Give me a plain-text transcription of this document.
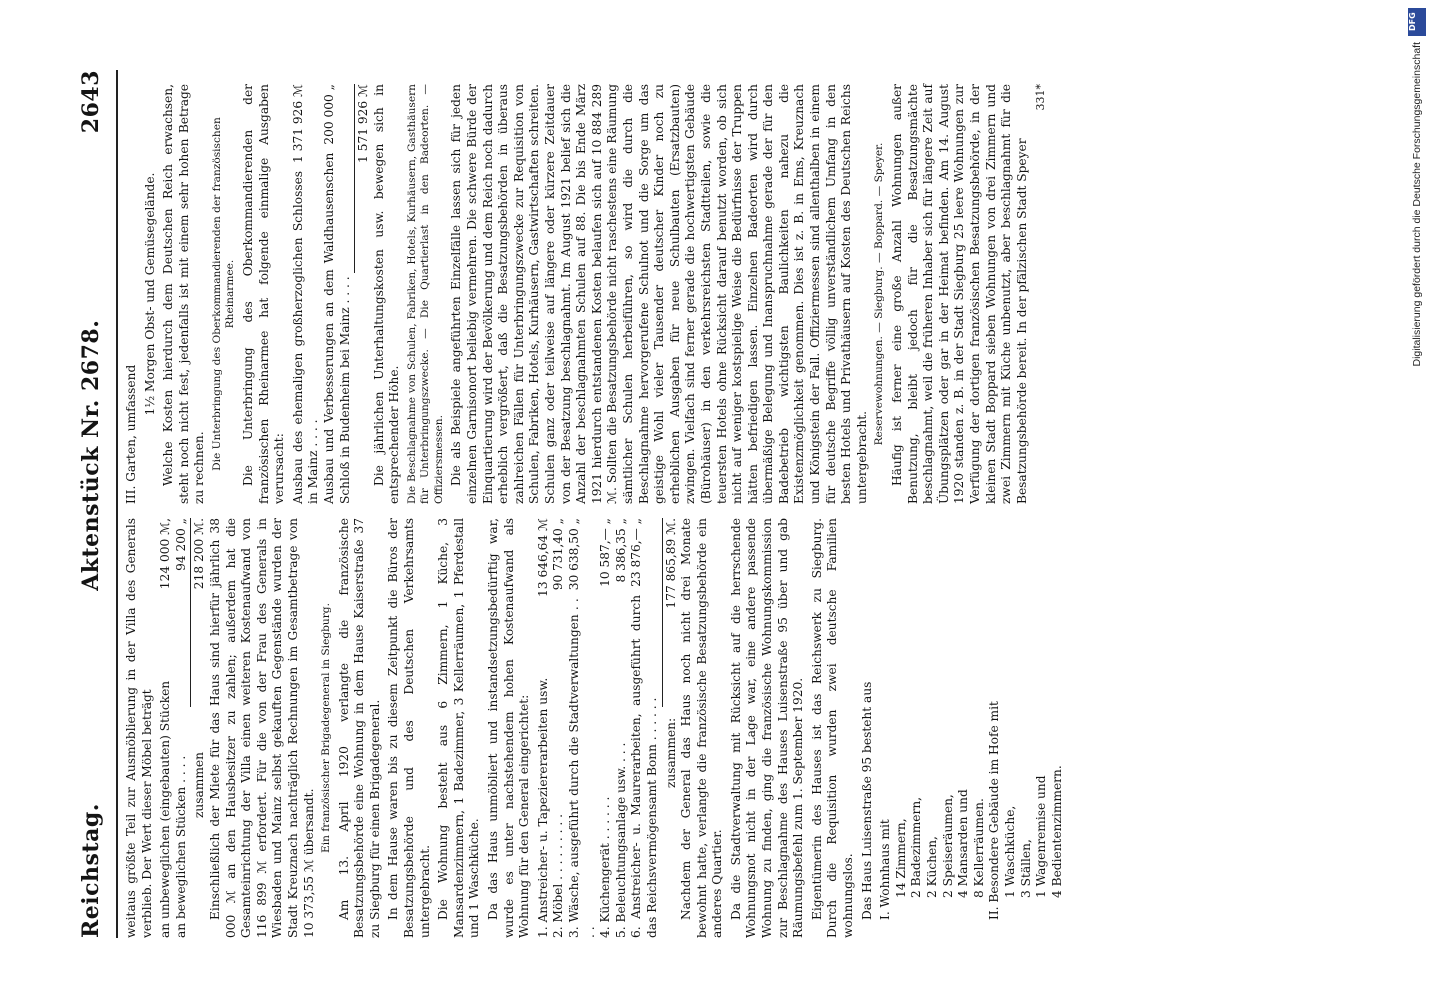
Reichstag.
Aktenstück Nr. 2678.
2643

weitaus größte Teil zur Ausmöblierung in der Villa des Generals verblieb. Der Wert dieser Möbel beträgt an unbeweglichen (eingebauten) Stücken
124 000 ℳ,
an beweglichen Stücken . . . .
94 200 „
zusammen
218 200 ℳ. Einschließlich der Miete für das Haus sind hierfür jährlich 38 000 ℳ an den Hausbesitzer zu zahlen; außerdem hat die Gesamteinrichtung der Villa einen weiteren Kostenaufwand von 116 899 ℳ erfordert. Für die von der Frau des Generals in Wiesbaden und Mainz selbst gekauften Gegenstände wurden der Stadt Kreuznach nachträglich Rechnungen im Gesamtbetrage von 10 373,55 ℳ übersandt.

Ein französischer Brigadegeneral in Siegburg. Am 13. April 1920 verlangte die französische Besatzungsbehörde eine Wohnung in dem Hause Kaiserstraße 37 zu Siegburg für einen Brigadegeneral. In dem Hause waren bis zu diesem Zeitpunkt die Büros der Besatzungsbehörde und des Deutschen Verkehrsamts untergebracht. Die Wohnung besteht aus 6 Zimmern, 1 Küche, 3 Mansardenzimmern, 1 Badezimmer, 3 Kellerräumen, 1 Pferdestall und 1 Waschküche. Da das Haus unmöbliert und instandsetzungsbedürftig war, wurde es unter nachstehendem hohen Kostenaufwand als Wohnung für den General eingerichtet: 1. Anstreicher- u. Tapeziererarbeiten usw.
13 646,64 ℳ
2. Möbel . . . . . . . . .
90 731,40 „
3. Wäsche, ausgeführt durch die Stadtverwaltungen . . . .
30 638,50 „
4. Küchengerät . . . . . .
10 587,— „
5. Beleuchtungsanlage usw. . . .
8 386,35 „
6. Anstreicher- u. Maurerarbeiten, ausgeführt durch das Reichsvermögensamt Bonn . . . . . .
23 876,— „
zusammen:
177 865,89 ℳ. Nachdem der General das Haus noch nicht drei Monate bewohnt hatte, verlangte die französische Besatzungsbehörde ein anderes Quartier. Da die Stadtverwaltung mit Rücksicht auf die herrschende Wohnungsnot nicht in der Lage war, eine andere passende Wohnung zu finden, ging die französische Wohnungskommission zur Beschlagnahme des Hauses Luisenstraße 95 über und gab Räumungsbefehl zum 1. September 1920. Eigentümerin des Hauses ist das Reichswerk zu Siegburg. Durch die Requisition wurden zwei deutsche Familien wohnungslos. Das Haus Luisenstraße 95 besteht aus I. Wohnhaus mit 14 Zimmern, 2 Badezimmern, 2 Küchen, 2 Speiseräumen, 4 Mansarden und 8 Kellerräumen. II. Besondere Gebäude im Hofe mit 1 Waschküche, 3 Ställen, 1 Wagenremise und 4 Bedientenzimmern.

III. Garten, umfassend

1½ Morgen Obst- und Gemüsegelände. Welche Kosten hierdurch dem Deutschen Reich erwachsen, steht noch nicht fest, jedenfalls ist mit einem sehr hohen Betrage zu rechnen. Die Unterbringung des Oberkommandierenden der französischen Rheinarmee. Die Unterbringung des Oberkommandierenden der französischen Rheinarmee hat folgende einmalige Ausgaben verursacht: Ausbau des ehemaligen großherzoglichen Schlosses in Mainz . . . .
1 371 926 ℳ
Ausbau und Verbesserungen an dem Waldhausenschen Schloß in Budenheim bei Mainz . . . .
200 000 „	1 571 926 ℳ Die jährlichen Unterhaltungskosten usw. bewegen sich in entsprechender Höhe. Die Beschlagnahme von Schulen, Fabriken, Hotels, Kurhäusern, Gasthäusern für Unterbringungszwecke. — Die Quartierlast in den Badeorten. — Offiziersmessen. Die als Beispiele angeführten Einzelfälle lassen sich für jeden einzelnen Garnisonort beliebig vermehren. Die schwere Bürde der Einquartierung wird der Bevölkerung und dem Reich noch dadurch erheblich vergrößert, daß die Besatzungsbehörden in überaus zahlreichen Fällen für Unterbringungszwecke zur Requisition von Schulen, Fabriken, Hotels, Kurhäusern, Gastwirtschaften schreiten. Schulen ganz oder teilweise auf längere oder kürzere Zeitdauer von der Besatzung beschlagnahmt. Im August 1921 belief sich die Anzahl der beschlagnahmten Schulen auf 88. Die bis Ende März 1921 hierdurch entstandenen Kosten belaufen sich auf 10 884 289 ℳ. Sollten die Besatzungsbehörde nicht raschestens eine Räumung sämtlicher Schulen herbeiführen, so wird die durch die Beschlagnahme hervorgerufene Schulnot und die Sorge um das geistige Wohl vieler Tausender deutscher Kinder noch zu erheblichen Ausgaben für neue Schulbauten (Ersatzbauten) zwingen. Vielfach sind ferner gerade die hochwertigsten Gebäude (Bürohäuser) in den verkehrsreichsten Stadtteilen, sowie die teuersten Hotels ohne Rücksicht darauf benutzt worden, ob sich nicht auf weniger kostspielige Weise die Bedürfnisse der Truppen hätten befriedigen lassen. Einzelnen Badeorten wird durch übermäßige Belegung und Inanspruchnahme gerade der für den Badebetrieb wichtigsten Baulichkeiten nahezu die Existenzmöglichkeit genommen. Dies ist z. B. in Ems, Kreuznach und Königstein der Fall. Offiziermessen sind allenthalben in einem für deutsche Begriffe völlig unverständlichem Umfang in den besten Hotels und Privathäusern auf Kosten des Deutschen Reichs untergebracht.

Reservewohnungen. — Siegburg. — Boppard. — Speyer. Häufig ist ferner eine große Anzahl Wohnungen außer Benutzung, bleibt jedoch für die Besatzungsmächte beschlagnahmt, weil die früheren Inhaber sich für längere Zeit auf Übungsplätzen oder gar in der Heimat befinden. Am 14. August 1920 standen z. B. in der Stadt Siegburg 25 leere Wohnungen zur Verfügung der dortigen französischen Besatzungsbehörde, in der kleinen Stadt Boppard sieben Wohnungen von drei Zimmern und zwei Zimmern mit Küche unbenutzt, aber beschlagnahmt für die Besatzungsbehörde bereit. In der pfälzischen Stadt Speyer

331*
DFG
Digitalisierung gefördert durch die Deutsche Forschungsgemeinschaft
